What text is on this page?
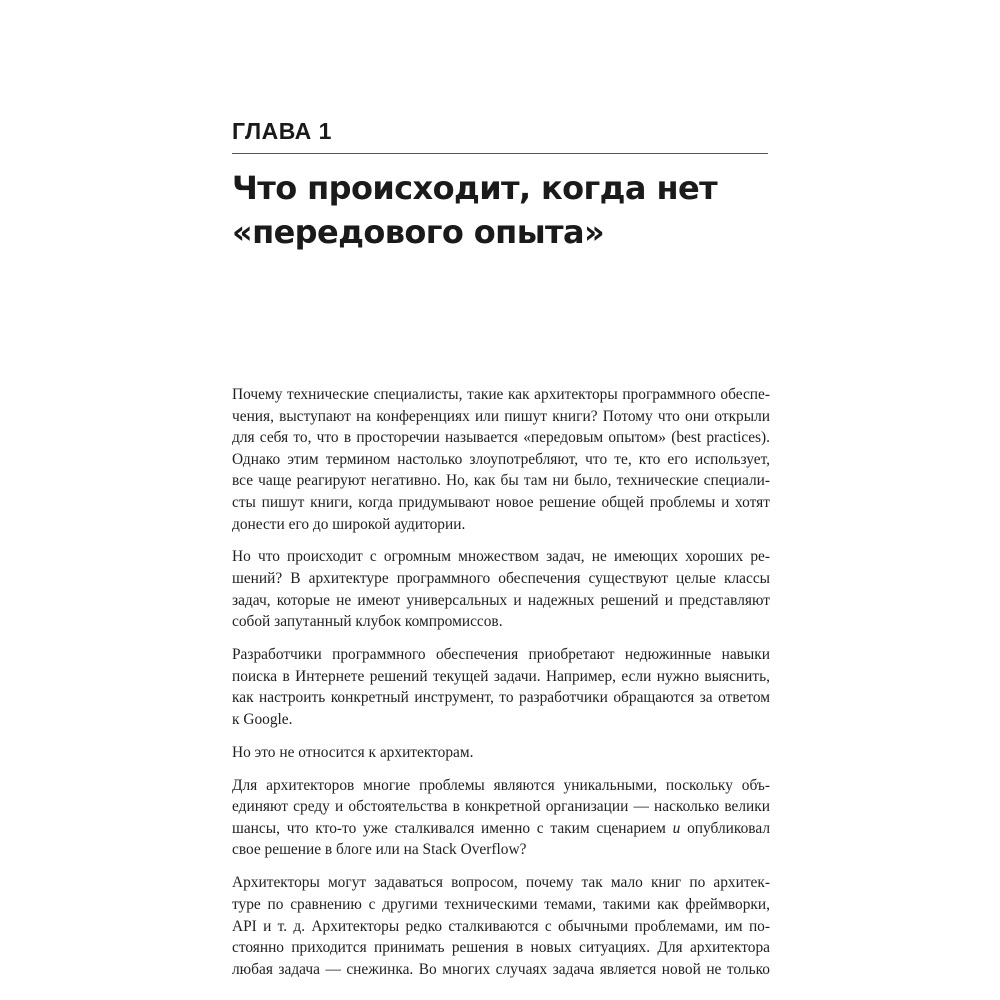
ГЛАВА 1
Что происходит, когда нет
«передового опыта»

Почему технические специалисты, такие как архитекторы программного обеспе-
чения, выступают на конференциях или пишут книги? Потому что они открыли
для себя то, что в просторечии называется «передовым опытом» (best practices).
Однако этим термином настолько злоупотребляют, что те, кто его использует,
все чаще реагируют негативно. Но, как бы там ни было, технические специали-
сты пишут книги, когда придумывают новое решение общей проблемы и хотят
донести его до широкой аудитории.

Но что происходит с огромным множеством задач, не имеющих хороших ре-
шений? В архитектуре программного обеспечения существуют целые классы
задач, которые не имеют универсальных и надежных решений и представляют
собой запутанный клубок компромиссов.

Разработчики программного обеспечения приобретают недюжинные навыки
поиска в Интернете решений текущей задачи. Например, если нужно выяснить,
как настроить конкретный инструмент, то разработчики обращаются за ответом
к Google.

Но это не относится к архитекторам.

Для архитекторов многие проблемы являются уникальными, поскольку объ-
единяют среду и обстоятельства в конкретной организации — насколько велики
шансы, что кто-то уже сталкивался именно с таким сценарием и опубликовал
свое решение в блоге или на Stack Overflow?

Архитекторы могут задаваться вопросом, почему так мало книг по архитек-
туре по сравнению с другими техническими темами, такими как фреймворки,
API и т. д. Архитекторы редко сталкиваются с обычными проблемами, им по-
стоянно приходится принимать решения в новых ситуациях. Для архитектора
любая задача — снежинка. Во многих случаях задача является новой не только
